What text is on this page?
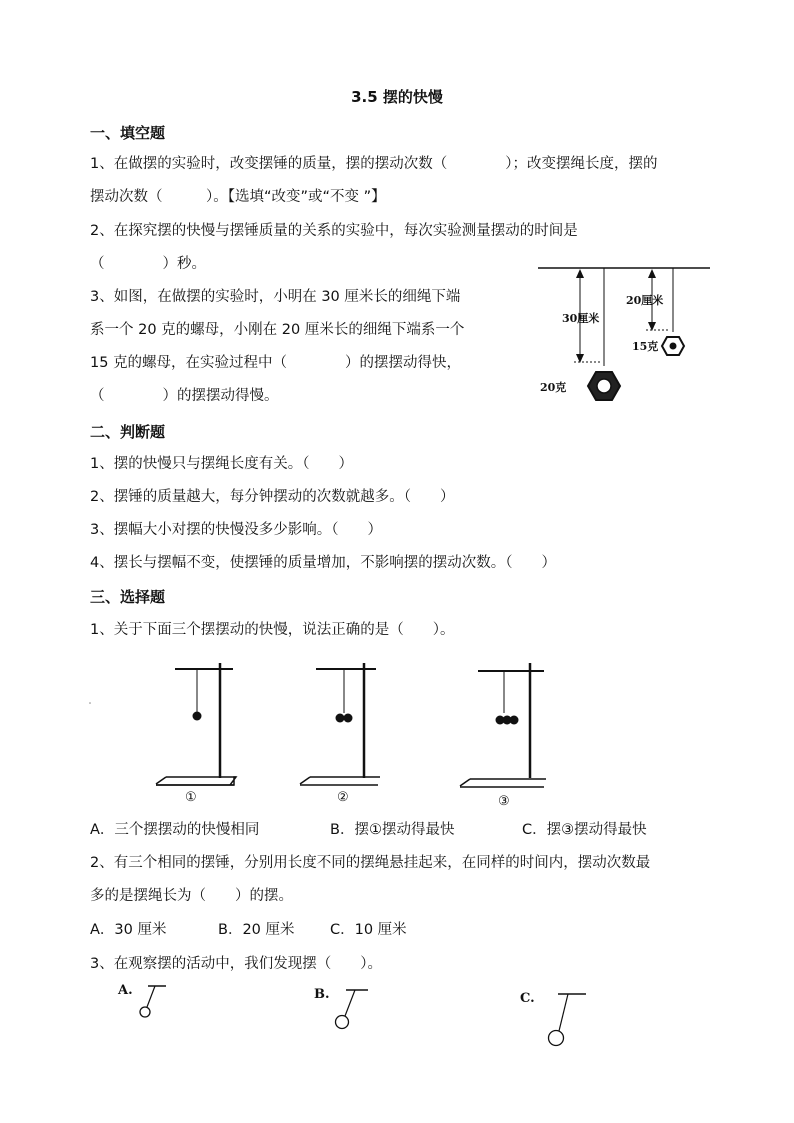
3.5 摆的快慢
一、填空题
1、在做摆的实验时，改变摆锤的质量，摆的摆动次数（　　　　）；改变摆绳长度，摆的
摆动次数（　　　）。【选填“改变”或“不变 ”】
2、在探究摆的快慢与摆锤质量的关系的实验中，每次实验测量摆动的时间是
（　　　　）秒。
3、如图，在做摆的实验时，小明在 30 厘米长的细绳下端
系一个 20 克的螺母，小刚在 20 厘米长的细绳下端系一个
15 克的螺母，在实验过程中（　　　　）的摆摆动得快，
（　　　　）的摆摆动得慢。
30厘米
20厘米
15克
20克
二、判断题
1、摆的快慢只与摆绳长度有关。（　　）
2、摆锤的质量越大，每分钟摆动的次数就越多。（　　）
3、摆幅大小对摆的快慢没多少影响。（　　）
4、摆长与摆幅不变，使摆锤的质量增加，不影响摆的摆动次数。（　　）
三、选择题
1、关于下面三个摆摆动的快慢，说法正确的是（　　）。
①	②	③
A．三个摆摆动的快慢相同	B．摆①摆动得最快	C．摆③摆动得最快
2、有三个相同的摆锤，分别用长度不同的摆绳悬挂起来，在同样的时间内，摆动次数最
多的是摆绳长为（　　）的摆。
A．30 厘米	B．20 厘米 C．10 厘米
3、在观察摆的活动中，我们发现摆（　　）。
A.	B.	C.
